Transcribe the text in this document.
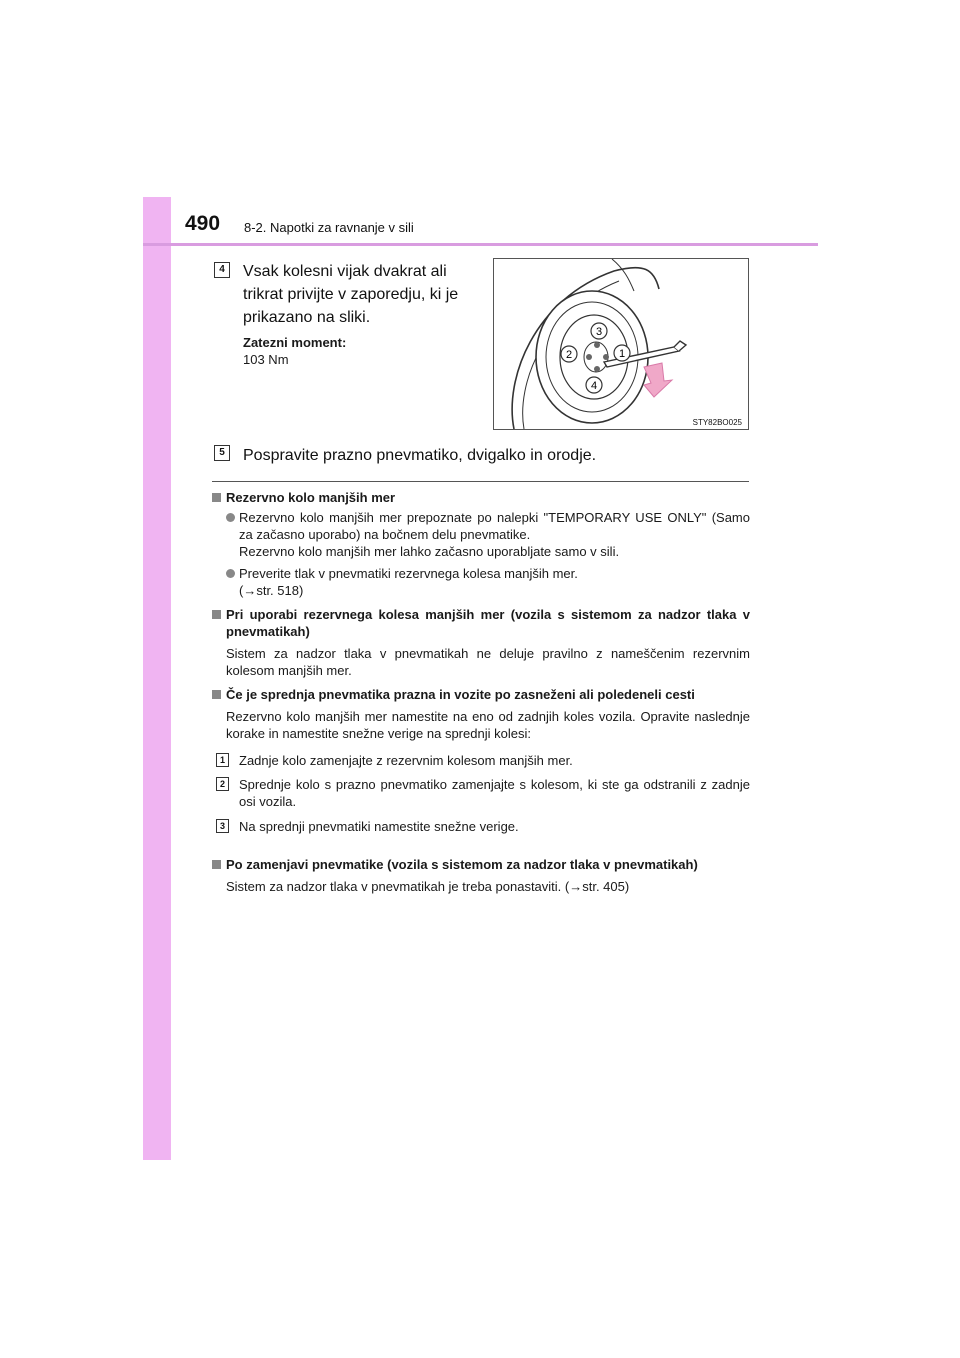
490 8-2. Napotki za ravnanje v sili
4	Vsak kolesni vijak dvakrat ali trikrat privijte v zaporedju, ki je prikazano na sliki.
Zatezni moment:
103 Nm
3
2	1
4
STY82BO025
5	Pospravite prazno pnevmatiko, dvigalko in orodje.
Rezervno kolo manjših mer
Rezervno kolo manjših mer prepoznate po nalepki "TEMPORARY USE ONLY" (Samo za začasno uporabo) na bočnem delu pnevmatike.
Rezervno kolo manjših mer lahko začasno uporabljate samo v sili.
Preverite tlak v pnevmatiki rezervnega kolesa manjših mer.
(→str. 518)
Pri uporabi rezervnega kolesa manjših mer (vozila s sistemom za nadzor tlaka v pnevmatikah)
Sistem za nadzor tlaka v pnevmatikah ne deluje pravilno z nameščenim rezervnim kolesom manjših mer.
Če je sprednja pnevmatika prazna in vozite po zasneženi ali poledeneli cesti
Rezervno kolo manjših mer namestite na eno od zadnjih koles vozila. Opravite naslednje korake in namestite snežne verige na sprednji kolesi:
1	Zadnje kolo zamenjajte z rezervnim kolesom manjših mer.
2	Sprednje kolo s prazno pnevmatiko zamenjajte s kolesom, ki ste ga odstranili z zadnje osi vozila.
3	Na sprednji pnevmatiki namestite snežne verige.
Po zamenjavi pnevmatike (vozila s sistemom za nadzor tlaka v pnevmatikah)
Sistem za nadzor tlaka v pnevmatikah je treba ponastaviti. (→str. 405)
